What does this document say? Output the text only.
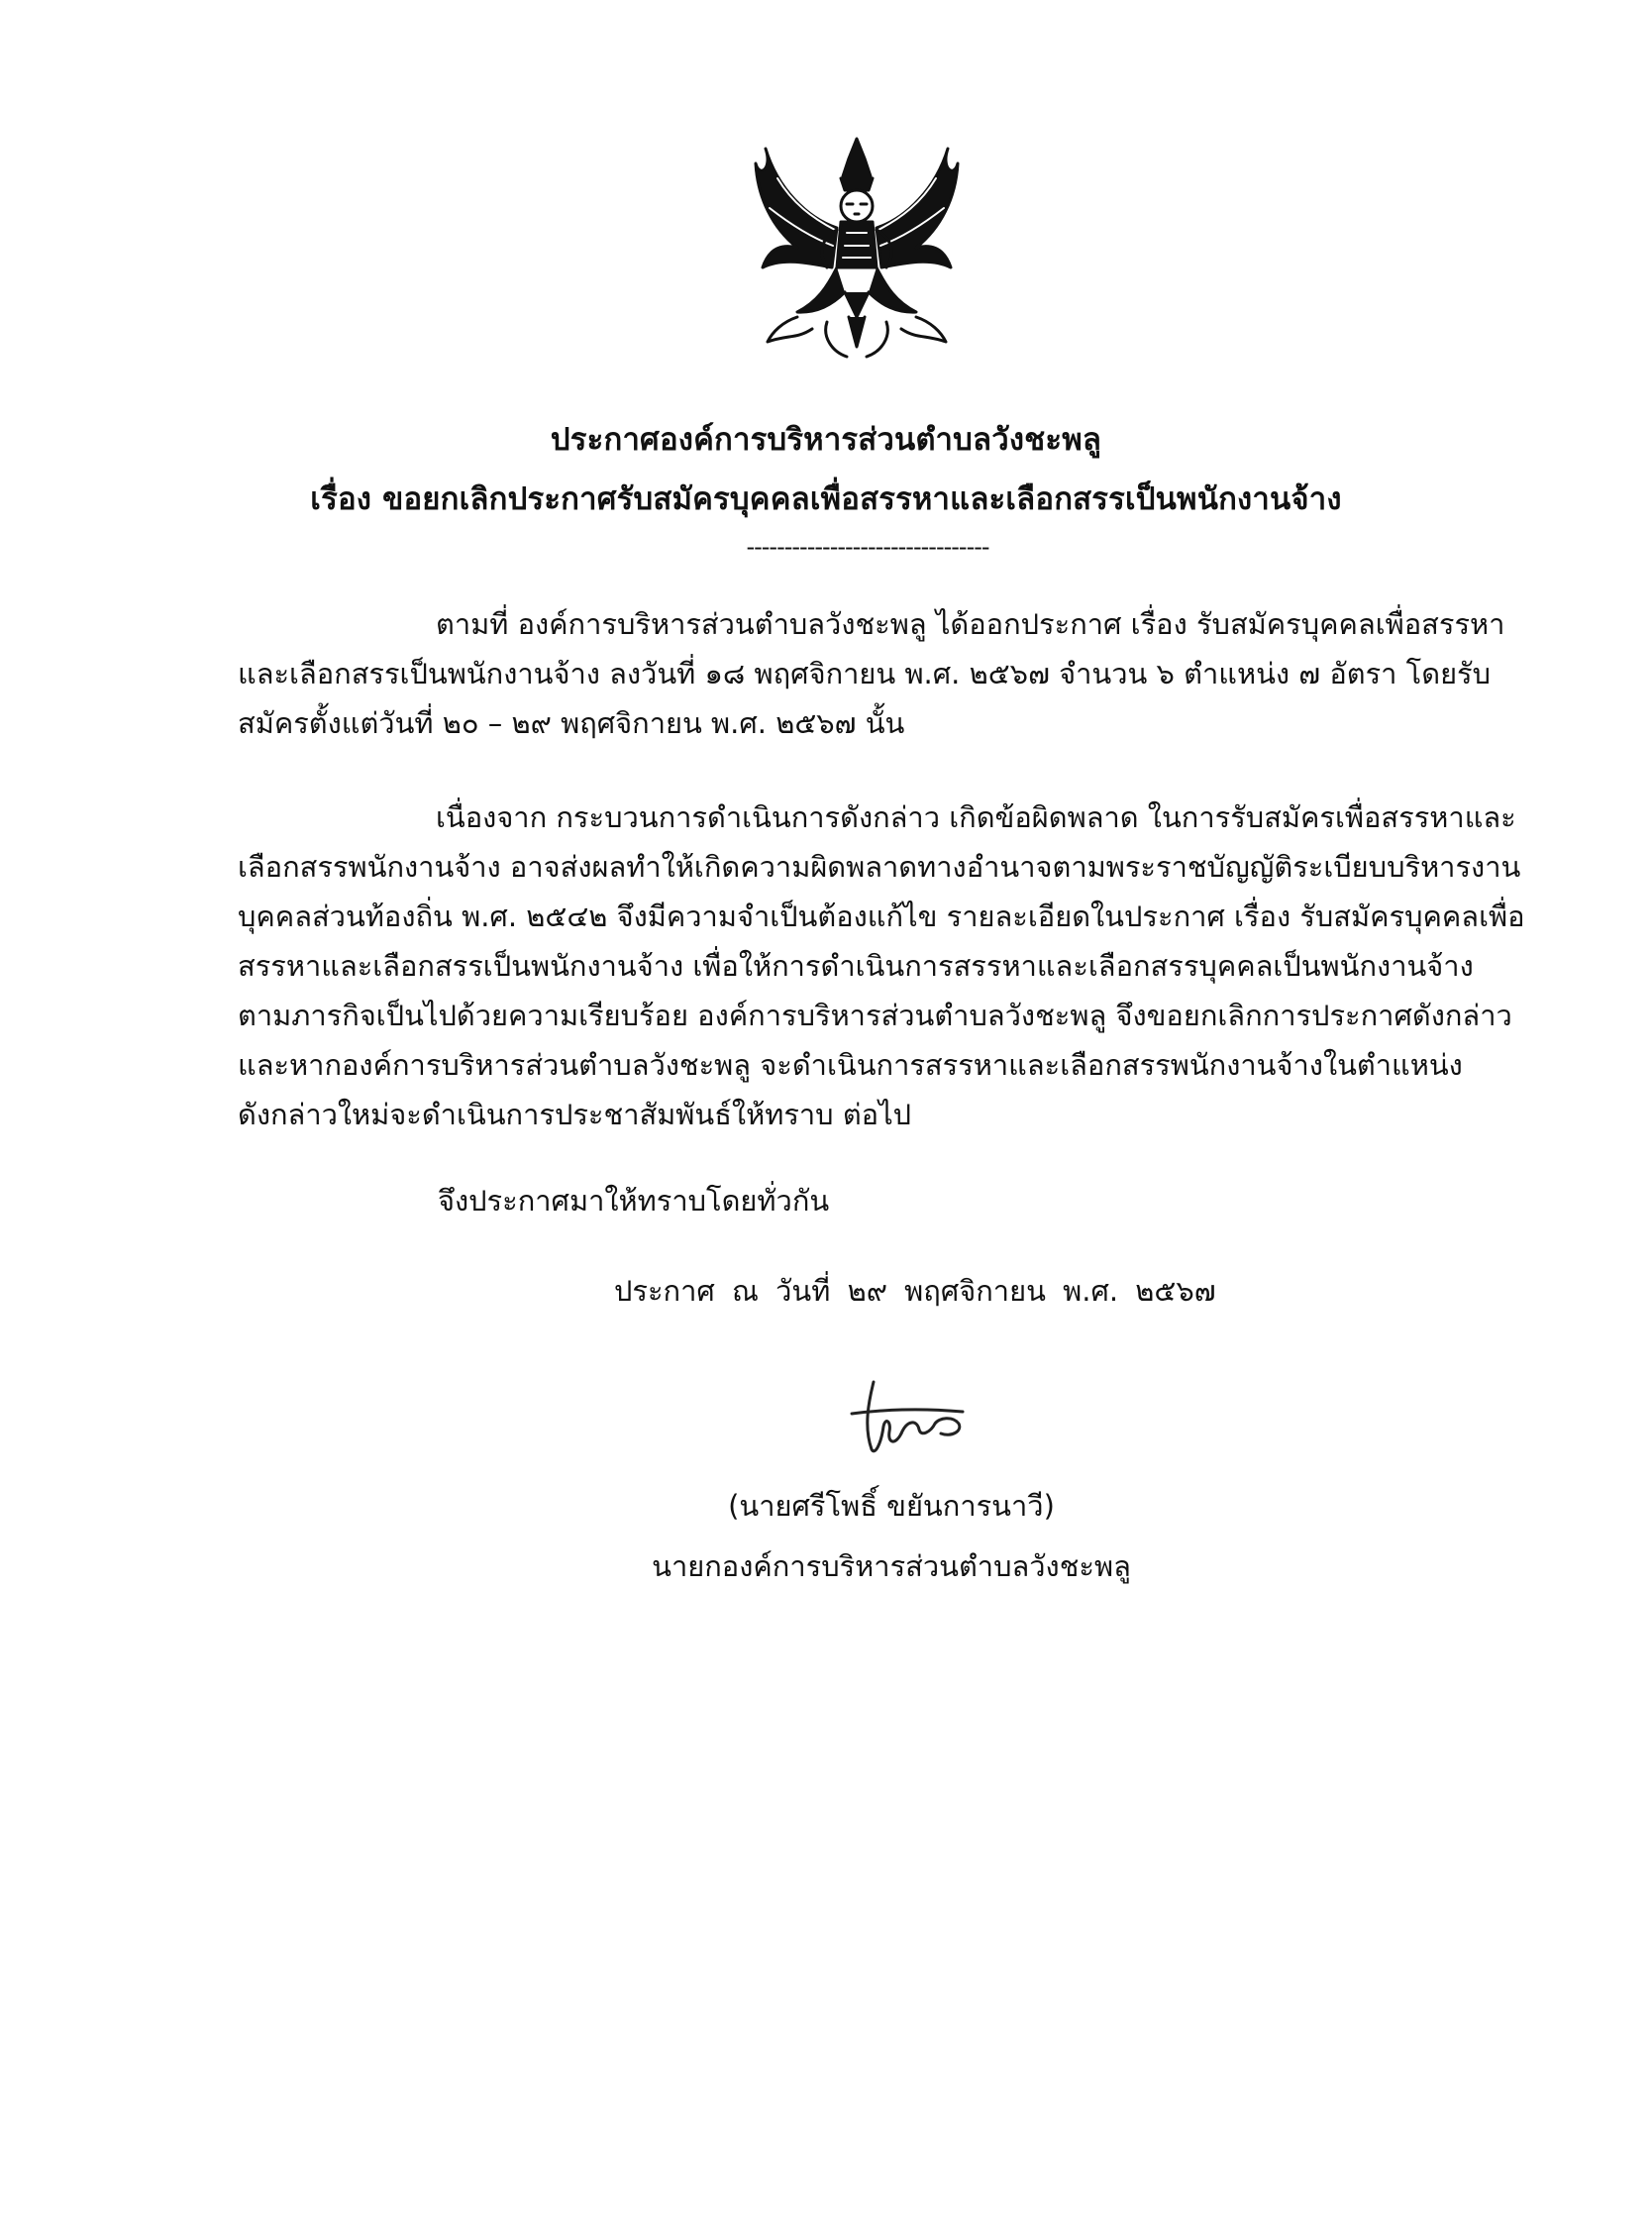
ประกาศองค์การบริหารส่วนตำบลวังชะพลู
เรื่อง ขอยกเลิกประกาศรับสมัครบุคคลเพื่อสรรหาและเลือกสรรเป็นพนักงานจ้าง
--------------------------------
ตามที่ องค์การบริหารส่วนตำบลวังชะพลู ได้ออกประกาศ เรื่อง รับสมัครบุคคลเพื่อสรรหา
และเลือกสรรเป็นพนักงานจ้าง ลงวันที่ ๑๘ พฤศจิกายน พ.ศ. ๒๕๖๗ จำนวน ๖ ตำแหน่ง ๗ อัตรา โดยรับ
สมัครตั้งแต่วันที่ ๒๐ – ๒๙ พฤศจิกายน พ.ศ. ๒๕๖๗ นั้น
เนื่องจาก กระบวนการดำเนินการดังกล่าว เกิดข้อผิดพลาด ในการรับสมัครเพื่อสรรหาและ
เลือกสรรพนักงานจ้าง อาจส่งผลทำให้เกิดความผิดพลาดทางอำนาจตามพระราชบัญญัติระเบียบบริหารงาน
บุคคลส่วนท้องถิ่น พ.ศ. ๒๕๔๒ จึงมีความจำเป็นต้องแก้ไข รายละเอียดในประกาศ เรื่อง รับสมัครบุคคลเพื่อ
สรรหาและเลือกสรรเป็นพนักงานจ้าง เพื่อให้การดำเนินการสรรหาและเลือกสรรบุคคลเป็นพนักงานจ้าง
ตามภารกิจเป็นไปด้วยความเรียบร้อย องค์การบริหารส่วนตำบลวังชะพลู จึงขอยกเลิกการประกาศดังกล่าว
และหากองค์การบริหารส่วนตำบลวังชะพลู จะดำเนินการสรรหาและเลือกสรรพนักงานจ้างในตำแหน่ง
ดังกล่าวใหม่จะดำเนินการประชาสัมพันธ์ให้ทราบ ต่อไป
จึงประกาศมาให้ทราบโดยทั่วกัน
ประกาศ ณ วันที่ ๒๙ พฤศจิกายน พ.ศ. ๒๕๖๗
(นายศรีโพธิ์ ขยันการนาวี)
นายกองค์การบริหารส่วนตำบลวังชะพลู
